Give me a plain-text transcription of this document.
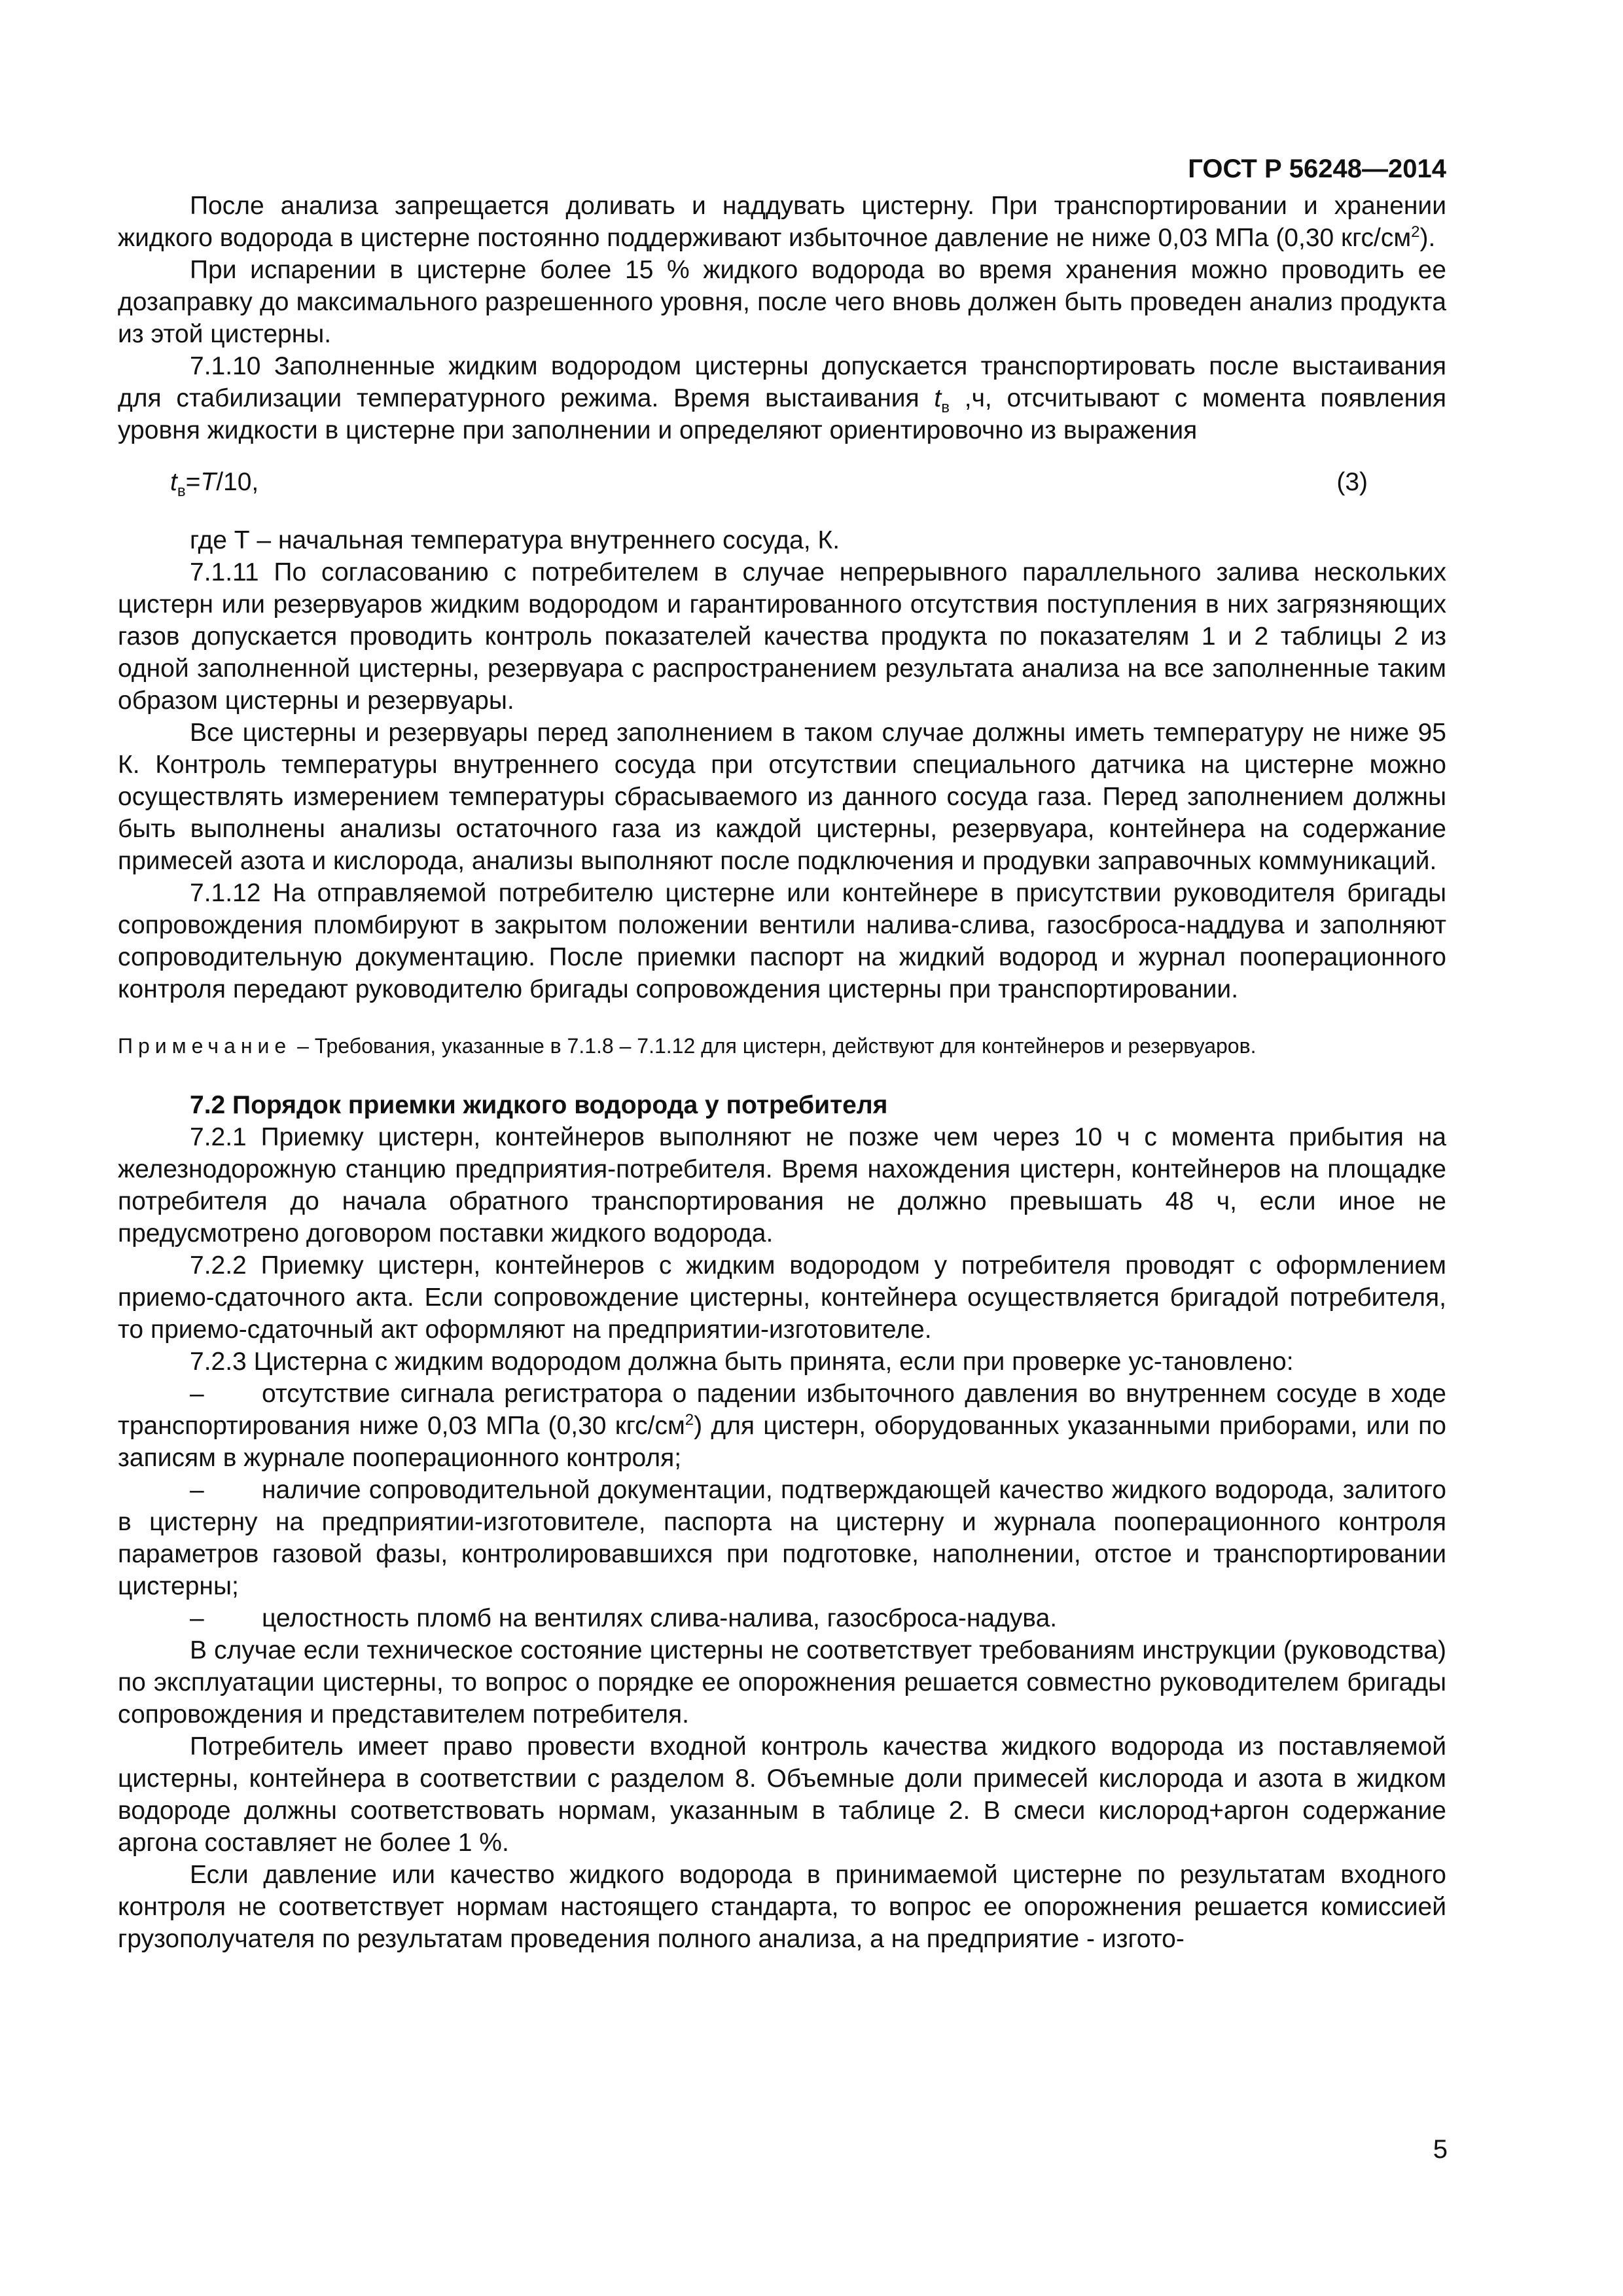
ГОСТ Р 56248—2014

После анализа запрещается доливать и наддувать цистерну. При транспортировании и хранении жидкого водорода в цистерне постоянно поддерживают избыточное давление не ниже 0,03 МПа (0,30 кгс/$см^2$).

При испарении в цистерне более 15 % жидкого водорода во время хранения можно проводить ее дозаправку до максимального разрешенного уровня, после чего вновь должен быть проведен анализ продукта из этой цистерны.

7.1.10 Заполненные жидким водородом цистерны допускается транспортировать после выстаивания для стабилизации температурного режима. Время выстаивания $t_в$ ,ч, отсчитывают с момента появления уровня жидкости в цистерне при заполнении и определяют ориентировочно из выражения

$t_в=T/10$,	(3)

где Т – начальная температура внутреннего сосуда, К.

7.1.11 По согласованию с потребителем в случае непрерывного параллельного залива нескольких цистерн или резервуаров жидким водородом и гарантированного отсутствия поступления в них загрязняющих газов допускается проводить контроль показателей качества продукта по показателям 1 и 2 таблицы 2 из одной заполненной цистерны, резервуара с распространением результата анализа на все заполненные таким образом цистерны и резервуары.

Все цистерны и резервуары перед заполнением в таком случае должны иметь температуру не ниже 95 К. Контроль температуры внутреннего сосуда при отсутствии специального датчика на цистерне можно осуществлять измерением температуры сбрасываемого из данного сосуда газа. Перед заполнением должны быть выполнены анализы остаточного газа из каждой цистерны, резервуара, контейнера на содержание примесей азота и кислорода, анализы выполняют после подключения и продувки заправочных коммуникаций.

7.1.12 На отправляемой потребителю цистерне или контейнере в присутствии руководителя бригады сопровождения пломбируют в закрытом положении вентили налива-слива, газосброса-наддува и заполняют сопроводительную документацию. После приемки паспорт на жидкий водород и журнал пооперационного контроля передают руководителю бригады сопровождения цистерны при транспортировании.

Примечание – Требования, указанные в 7.1.8 – 7.1.12 для цистерн, действуют для контейнеров и резервуаров.

7.2 Порядок приемки жидкого водорода у потребителя

7.2.1 Приемку цистерн, контейнеров выполняют не позже чем через 10 ч с момента прибытия на железнодорожную станцию предприятия-потребителя. Время нахождения цистерн, контейнеров на площадке потребителя до начала обратного транспортирования не должно превышать 48 ч, если иное не предусмотрено договором поставки жидкого водорода.

7.2.2 Приемку цистерн, контейнеров с жидким водородом у потребителя проводят с оформлением приемо-сдаточного акта. Если сопровождение цистерны, контейнера осуществляется бригадой потребителя, то приемо-сдаточный акт оформляют на предприятии-изготовителе.

7.2.3 Цистерна с жидким водородом должна быть принята, если при проверке ус-тановлено:

– отсутствие сигнала регистратора о падении избыточного давления во внутреннем сосуде в ходе транспортирования ниже 0,03 МПа (0,30 кгс/$см^2$) для цистерн, оборудованных указанными приборами, или по записям в журнале пооперационного контроля;

– наличие сопроводительной документации, подтверждающей качество жидкого водорода, залитого в цистерну на предприятии-изготовителе, паспорта на цистерну и журнала пооперационного контроля параметров газовой фазы, контролировавшихся при подготовке, наполнении, отстое и транспортировании цистерны;

– целостность пломб на вентилях слива-налива, газосброса-надува.

В случае если техническое состояние цистерны не соответствует требованиям инструкции (руководства) по эксплуатации цистерны, то вопрос о порядке ее опорожнения решается совместно руководителем бригады сопровождения и представителем потребителя.

Потребитель имеет право провести входной контроль качества жидкого водорода из поставляемой цистерны, контейнера в соответствии с разделом 8. Объемные доли примесей кислорода и азота в жидком водороде должны соответствовать нормам, указанным в таблице 2. В смеси кислород+аргон содержание аргона составляет не более 1 %.

Если давление или качество жидкого водорода в принимаемой цистерне по результатам входного контроля не соответствует нормам настоящего стандарта, то вопрос ее опорожнения решается комиссией грузополучателя по результатам проведения полного анализа, а на предприятие - изгото-

5
